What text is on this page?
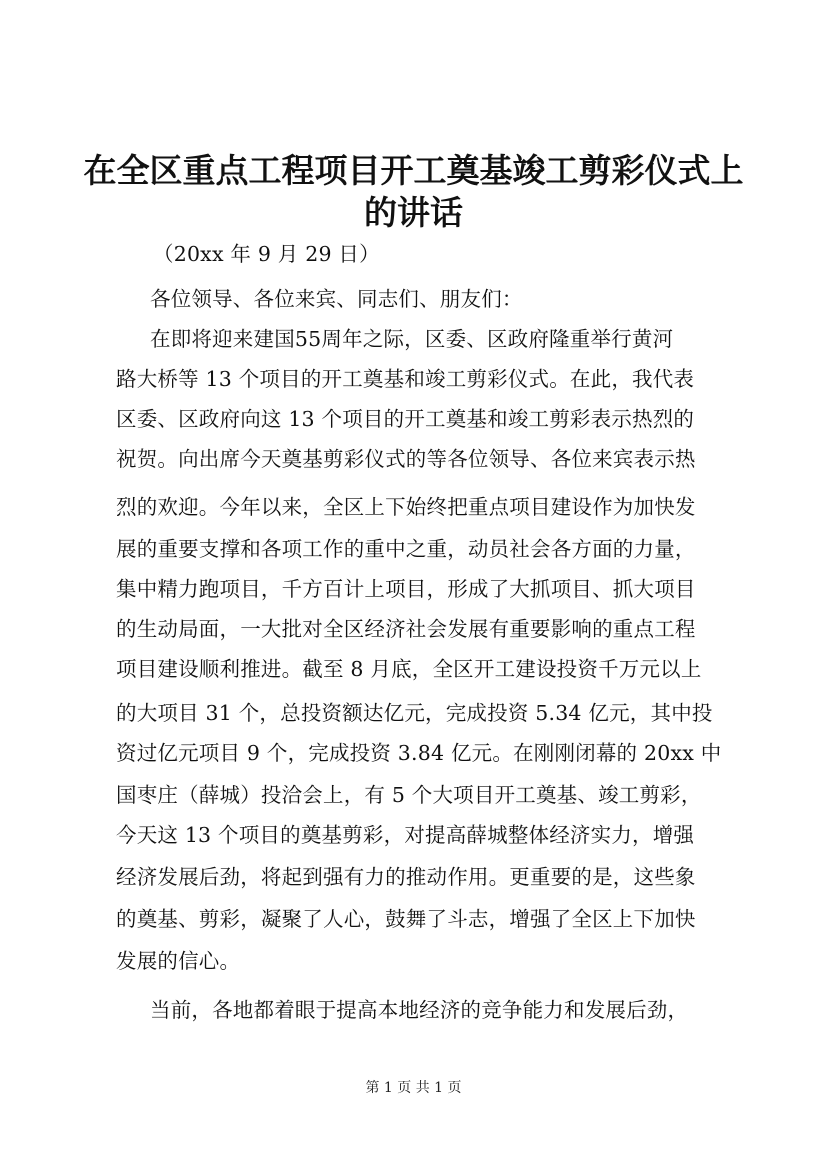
在全区重点工程项目开工奠基竣工剪彩仪式上
的讲话
（20xx 年 9 月 29 日）
各位领导、各位来宾、同志们、朋友们：
在即将迎来建国55周年之际，区委、区政府隆重举行黄河
路大桥等 13 个项目的开工奠基和竣工剪彩仪式。在此，我代表
区委、区政府向这 13 个项目的开工奠基和竣工剪彩表示热烈的
祝贺。向出席今天奠基剪彩仪式的等各位领导、各位来宾表示热
烈的欢迎。今年以来，全区上下始终把重点项目建设作为加快发
展的重要支撑和各项工作的重中之重，动员社会各方面的力量，
集中精力跑项目，千方百计上项目，形成了大抓项目、抓大项目
的生动局面，一大批对全区经济社会发展有重要影响的重点工程
项目建设顺利推进。截至 8 月底，全区开工建设投资千万元以上
的大项目 31 个，总投资额达亿元，完成投资 5.34 亿元，其中投
资过亿元项目 9 个，完成投资 3.84 亿元。在刚刚闭幕的 20xx 中
国枣庄（薛城）投洽会上，有 5 个大项目开工奠基、竣工剪彩，
今天这 13 个项目的奠基剪彩，对提高薛城整体经济实力，增强
经济发展后劲，将起到强有力的推动作用。更重要的是，这些象
的奠基、剪彩，凝聚了人心，鼓舞了斗志，增强了全区上下加快
发展的信心。
当前，各地都着眼于提高本地经济的竞争能力和发展后劲，
第 1 页 共 1 页
